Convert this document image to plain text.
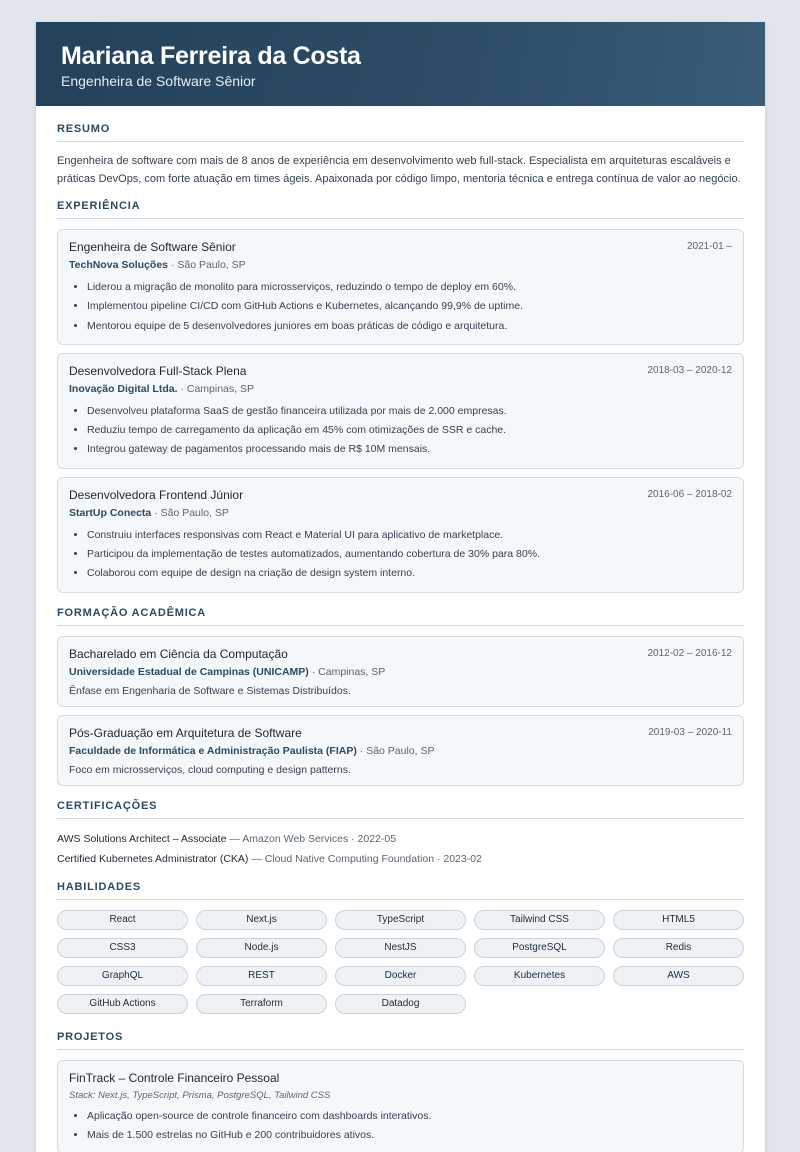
Mariana Ferreira da Costa
Engenheira de Software Sênior
RESUMO

Engenheira de software com mais de 8 anos de experiência em desenvolvimento web full-stack. Especialista em arquiteturas escaláveis e práticas DevOps, com forte atuação em times ágeis. Apaixonada por código limpo, mentoria técnica e entrega contínua de valor ao negócio.

EXPERIÊNCIA
Engenheira de Software Sênior	2021-01 –
TechNova Soluções · São Paulo, SP
• Liderou a migração de monolito para microsserviços, reduzindo o tempo de deploy em 60%.
• Implementou pipeline CI/CD com GitHub Actions e Kubernetes, alcançando 99,9% de uptime.
• Mentorou equipe de 5 desenvolvedores juniores em boas práticas de código e arquitetura.
Desenvolvedora Full-Stack Plena	2018-03 – 2020-12
Inovação Digital Ltda. · Campinas, SP
• Desenvolveu plataforma SaaS de gestão financeira utilizada por mais de 2.000 empresas.
• Reduziu tempo de carregamento da aplicação em 45% com otimizações de SSR e cache.
• Integrou gateway de pagamentos processando mais de R$ 10M mensais.
Desenvolvedora Frontend Júnior	2016-06 – 2018-02
StartUp Conecta · São Paulo, SP
• Construiu interfaces responsivas com React e Material UI para aplicativo de marketplace.
• Participou da implementação de testes automatizados, aumentando cobertura de 30% para 80%.
• Colaborou com equipe de design na criação de design system interno.
FORMAÇÃO ACADÊMICA
Bacharelado em Ciência da Computação	2012-02 – 2016-12
Universidade Estadual de Campinas (UNICAMP) · Campinas, SP
Ênfase em Engenharia de Software e Sistemas Distribuídos.
Pós-Graduação em Arquitetura de Software	2019-03 – 2020-11
Faculdade de Informática e Administração Paulista (FIAP) · São Paulo, SP
Foco em microsserviços, cloud computing e design patterns.
CERTIFICAÇÕES
AWS Solutions Architect – Associate — Amazon Web Services · 2022-05
Certified Kubernetes Administrator (CKA) — Cloud Native Computing Foundation · 2023-02
HABILIDADES
React	Next.js	TypeScript	Tailwind CSS	HTML5
CSS3	Node.js	NestJS	PostgreSQL	Redis
GraphQL	REST	Docker	Kubernetes	AWS
GitHub Actions	Terraform	Datadog
PROJETOS
FinTrack – Controle Financeiro Pessoal
Stack: Next.js, TypeScript, Prisma, PostgreSQL, Tailwind CSS
• Aplicação open-source de controle financeiro com dashboards interativos.
• Mais de 1.500 estrelas no GitHub e 200 contribuidores ativos.
